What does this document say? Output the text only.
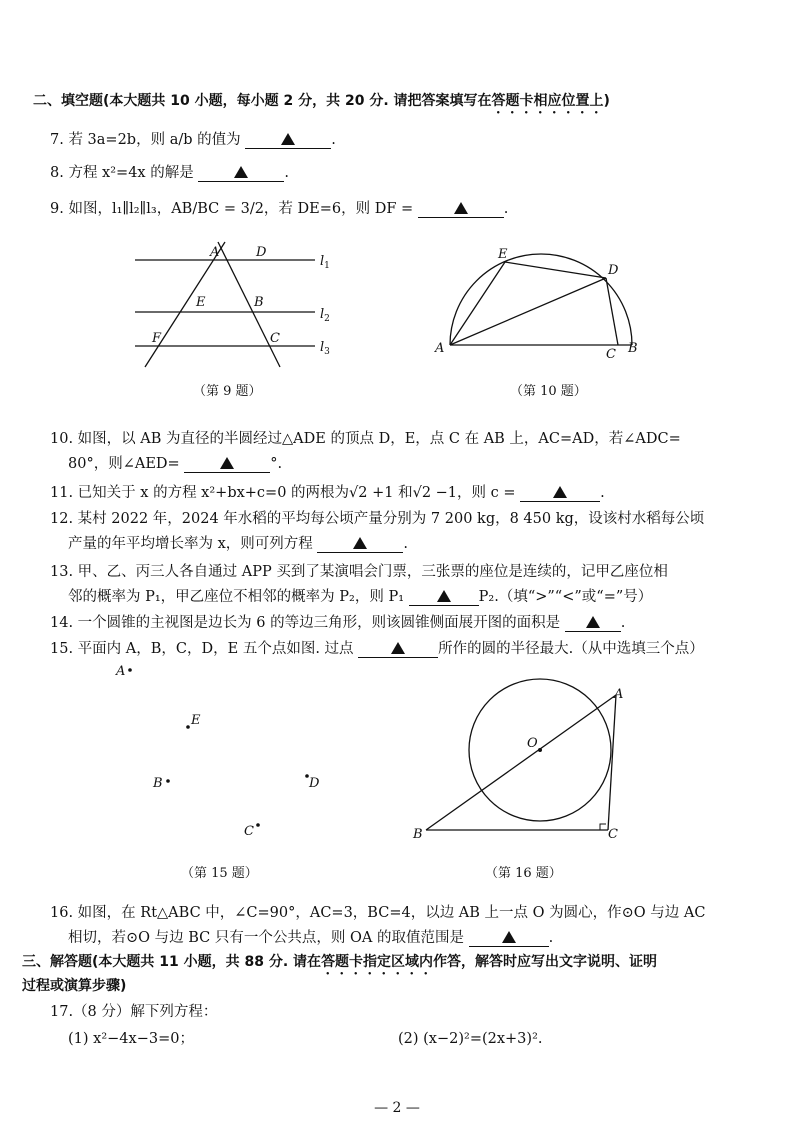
二、填空题(本大题共 10 小题，每小题 2 分，共 20 分. 请把答案填写在答题卡相应位置上)
7. 若 3a=2b，则 a/b 的值为	.
8. 方程 x²=4x 的解是	.
9. 如图，l₁∥l₂∥l₃，AB/BC = 3/2，若 DE=6，则 DF =	.
A	D
E	B
F	C
$l_1$
$l_2$
$l_3$
（第 9 题）
E
D
A	C B
（第 10 题）
10. 如图，以 AB 为直径的半圆经过△ADE 的顶点 D，E，点 C 在 AB 上，AC=AD，若∠ADC=
80°，则∠AED=	°.
11. 已知关于 x 的方程 x²+bx+c=0 的两根为√2 +1 和√2 −1，则 c =	.
12. 某村 2022 年，2024 年水稻的平均每公顷产量分别为 7 200 kg，8 450 kg，设该村水稻每公顷
产量的年平均增长率为 x，则可列方程	.
13. 甲、乙、丙三人各自通过 APP 买到了某演唱会门票，三张票的座位是连续的，记甲乙座位相
邻的概率为 P₁，甲乙座位不相邻的概率为 P₂，则 P₁	P₂.（填“>”“<”或“=”号）
14. 一个圆锥的主视图是边长为 6 的等边三角形，则该圆锥侧面展开图的面积是	.
15. 平面内 A，B，C，D，E 五个点如图. 过点	所作的圆的半径最大.（从中选填三个点）
A
E
B	D
C
（第 15 题）
O
A
B	C
（第 16 题）
16. 如图，在 Rt△ABC 中，∠C=90°，AC=3，BC=4，以边 AB 上一点 O 为圆心，作⊙O 与边 AC
相切，若⊙O 与边 BC 只有一个公共点，则 OA 的取值范围是	.
三、解答题(本大题共 11 小题，共 88 分. 请在答题卡指定区域内作答，解答时应写出文字说明、证明
过程或演算步骤)
17.（8 分）解下列方程：
(1) x²−4x−3=0；	(2) (x−2)²=(2x+3)².
— 2 —
